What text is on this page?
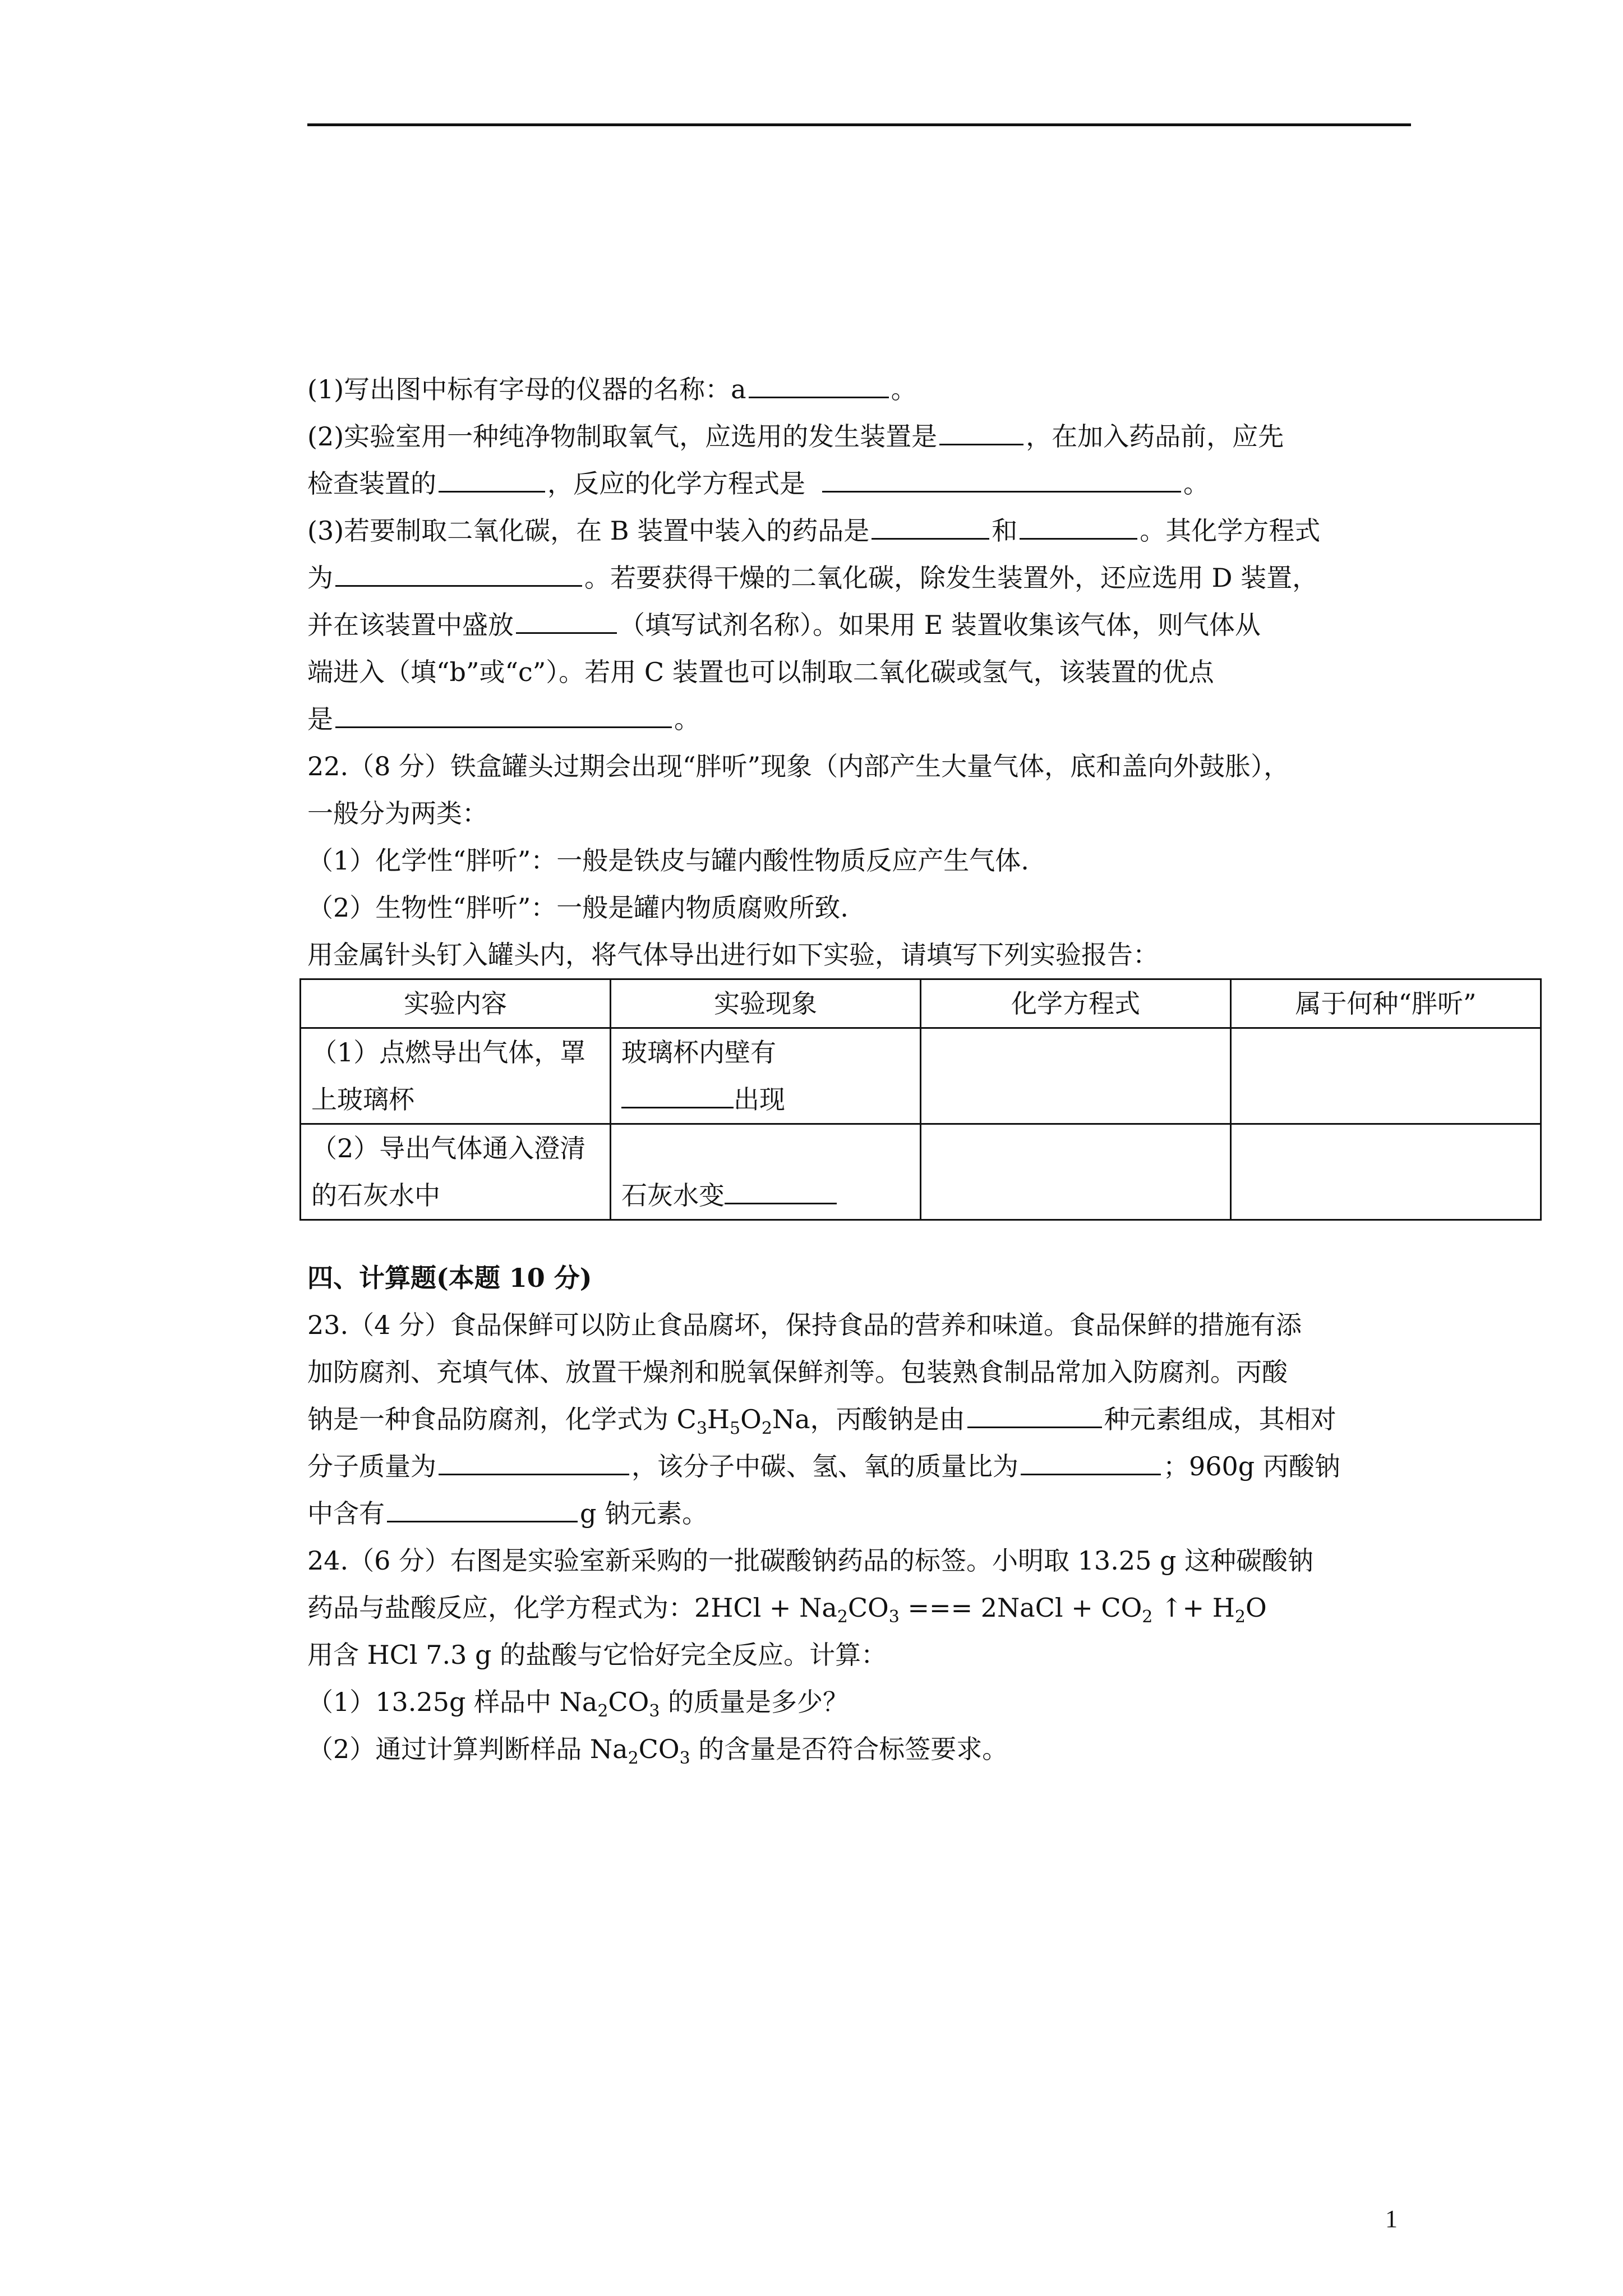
(1)写出图中标有字母的仪器的名称：a	。
(2)实验室用一种纯净物制取氧气，应选用的发生装置是	，在加入药品前，应先
检查装置的	，反应的化学方程式是	。
(3)若要制取二氧化碳，在 B 装置中装入的药品是	和	。其化学方程式
为	。若要获得干燥的二氧化碳，除发生装置外，还应选用 D 装置，
并在该装置中盛放	（填写试剂名称）。如果用 E 装置收集该气体，则气体从
端进入（填“b”或“c”）。若用 C 装置也可以制取二氧化碳或氢气，该装置的优点
是	。
22.（8 分）铁盒罐头过期会出现“胖听”现象（内部产生大量气体，底和盖向外鼓胀），
一般分为两类：
（1）化学性“胖听”：一般是铁皮与罐内酸性物质反应产生气体.
（2）生物性“胖听”：一般是罐内物质腐败所致.
用金属针头钉入罐头内，将气体导出进行如下实验，请填写下列实验报告：
实验内容	实验现象	化学方程式	属于何种“胖听”
（1）点燃导出气体，罩上玻璃杯	玻璃杯内壁有
出现		

（2）导出气体通入澄清的石灰水中	石灰水变		

四、计算题(本题 10 分)
23.（4 分）食品保鲜可以防止食品腐坏，保持食品的营养和味道。食品保鲜的措施有添
加防腐剂、充填气体、放置干燥剂和脱氧保鲜剂等。包装熟食制品常加入防腐剂。丙酸
钠是一种食品防腐剂，化学式为 $C_3H_5O_2Na$，丙酸钠是由	种元素组成，其相对
分子质量为	，该分子中碳、氢、氧的质量比为	；960g 丙酸钠
中含有	g 钠元素。
24.（6 分）右图是实验室新采购的一批碳酸钠药品的标签。小明取 13.25 g 这种碳酸钠
药品与盐酸反应，化学方程式为：$2HCl + Na_2CO_3$ === 2NaCl + $CO_2$ ↑+ $H_2O$
用含 HCl 7.3 g 的盐酸与它恰好完全反应。计算：
（1）13.25g 样品中 $Na_2CO_3$ 的质量是多少？
（2）通过计算判断样品 $Na_2CO_3$ 的含量是否符合标签要求。
1
